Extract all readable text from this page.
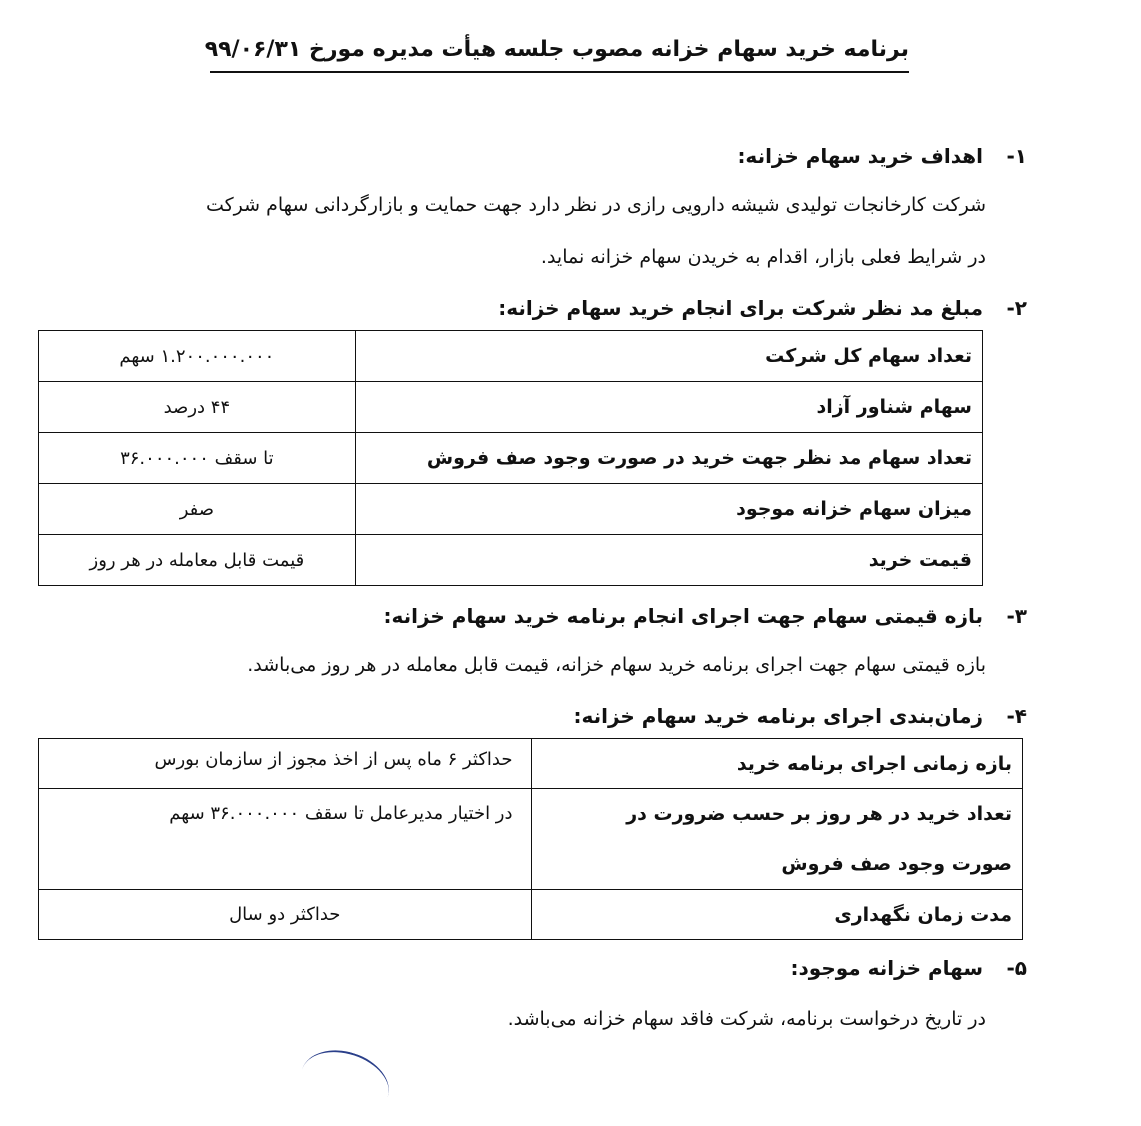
برنامه خرید سهام خزانه مصوب جلسه هیأت مدیره مورخ ۹۹/۰۶/۳۱
۱-
اهداف خرید سهام خزانه:
شرکت کارخانجات تولیدی شیشه دارویی رازی در نظر دارد جهت حمایت و بازارگردانی سهام شرکت
در شرایط فعلی بازار، اقدام به خریدن سهام خزانه نماید.
۲-
مبلغ مد نظر شرکت برای انجام خرید سهام خزانه:
تعداد سهام کل شرکت	۱.۲۰۰.۰۰۰.۰۰۰ سهم
سهام شناور آزاد	۴۴ درصد
تعداد سهام مد نظر جهت خرید در صورت وجود صف فروش	تا سقف ۳۶.۰۰۰.۰۰۰
میزان سهام خزانه موجود	صفر
قیمت خرید	قیمت قابل معامله در هر روز
۳-
بازه قیمتی سهام جهت اجرای انجام برنامه خرید سهام خزانه:
بازه قیمتی سهام جهت اجرای برنامه خرید سهام خزانه، قیمت قابل معامله در هر روز می‌باشد.
۴-
زمان‌بندی اجرای برنامه خرید سهام خزانه:
بازه زمانی اجرای برنامه خرید	حداکثر ۶ ماه پس از اخذ مجوز از سازمان بورس

تعداد خرید در هر روز بر حسب ضرورت در
صورت وجود صف فروش	در اختیار مدیرعامل تا سقف ۳۶.۰۰۰.۰۰۰ سهم
مدت زمان نگهداری	حداکثر دو سال
۵-
سهام خزانه موجود:
در تاریخ درخواست برنامه، شرکت فاقد سهام خزانه می‌باشد.
